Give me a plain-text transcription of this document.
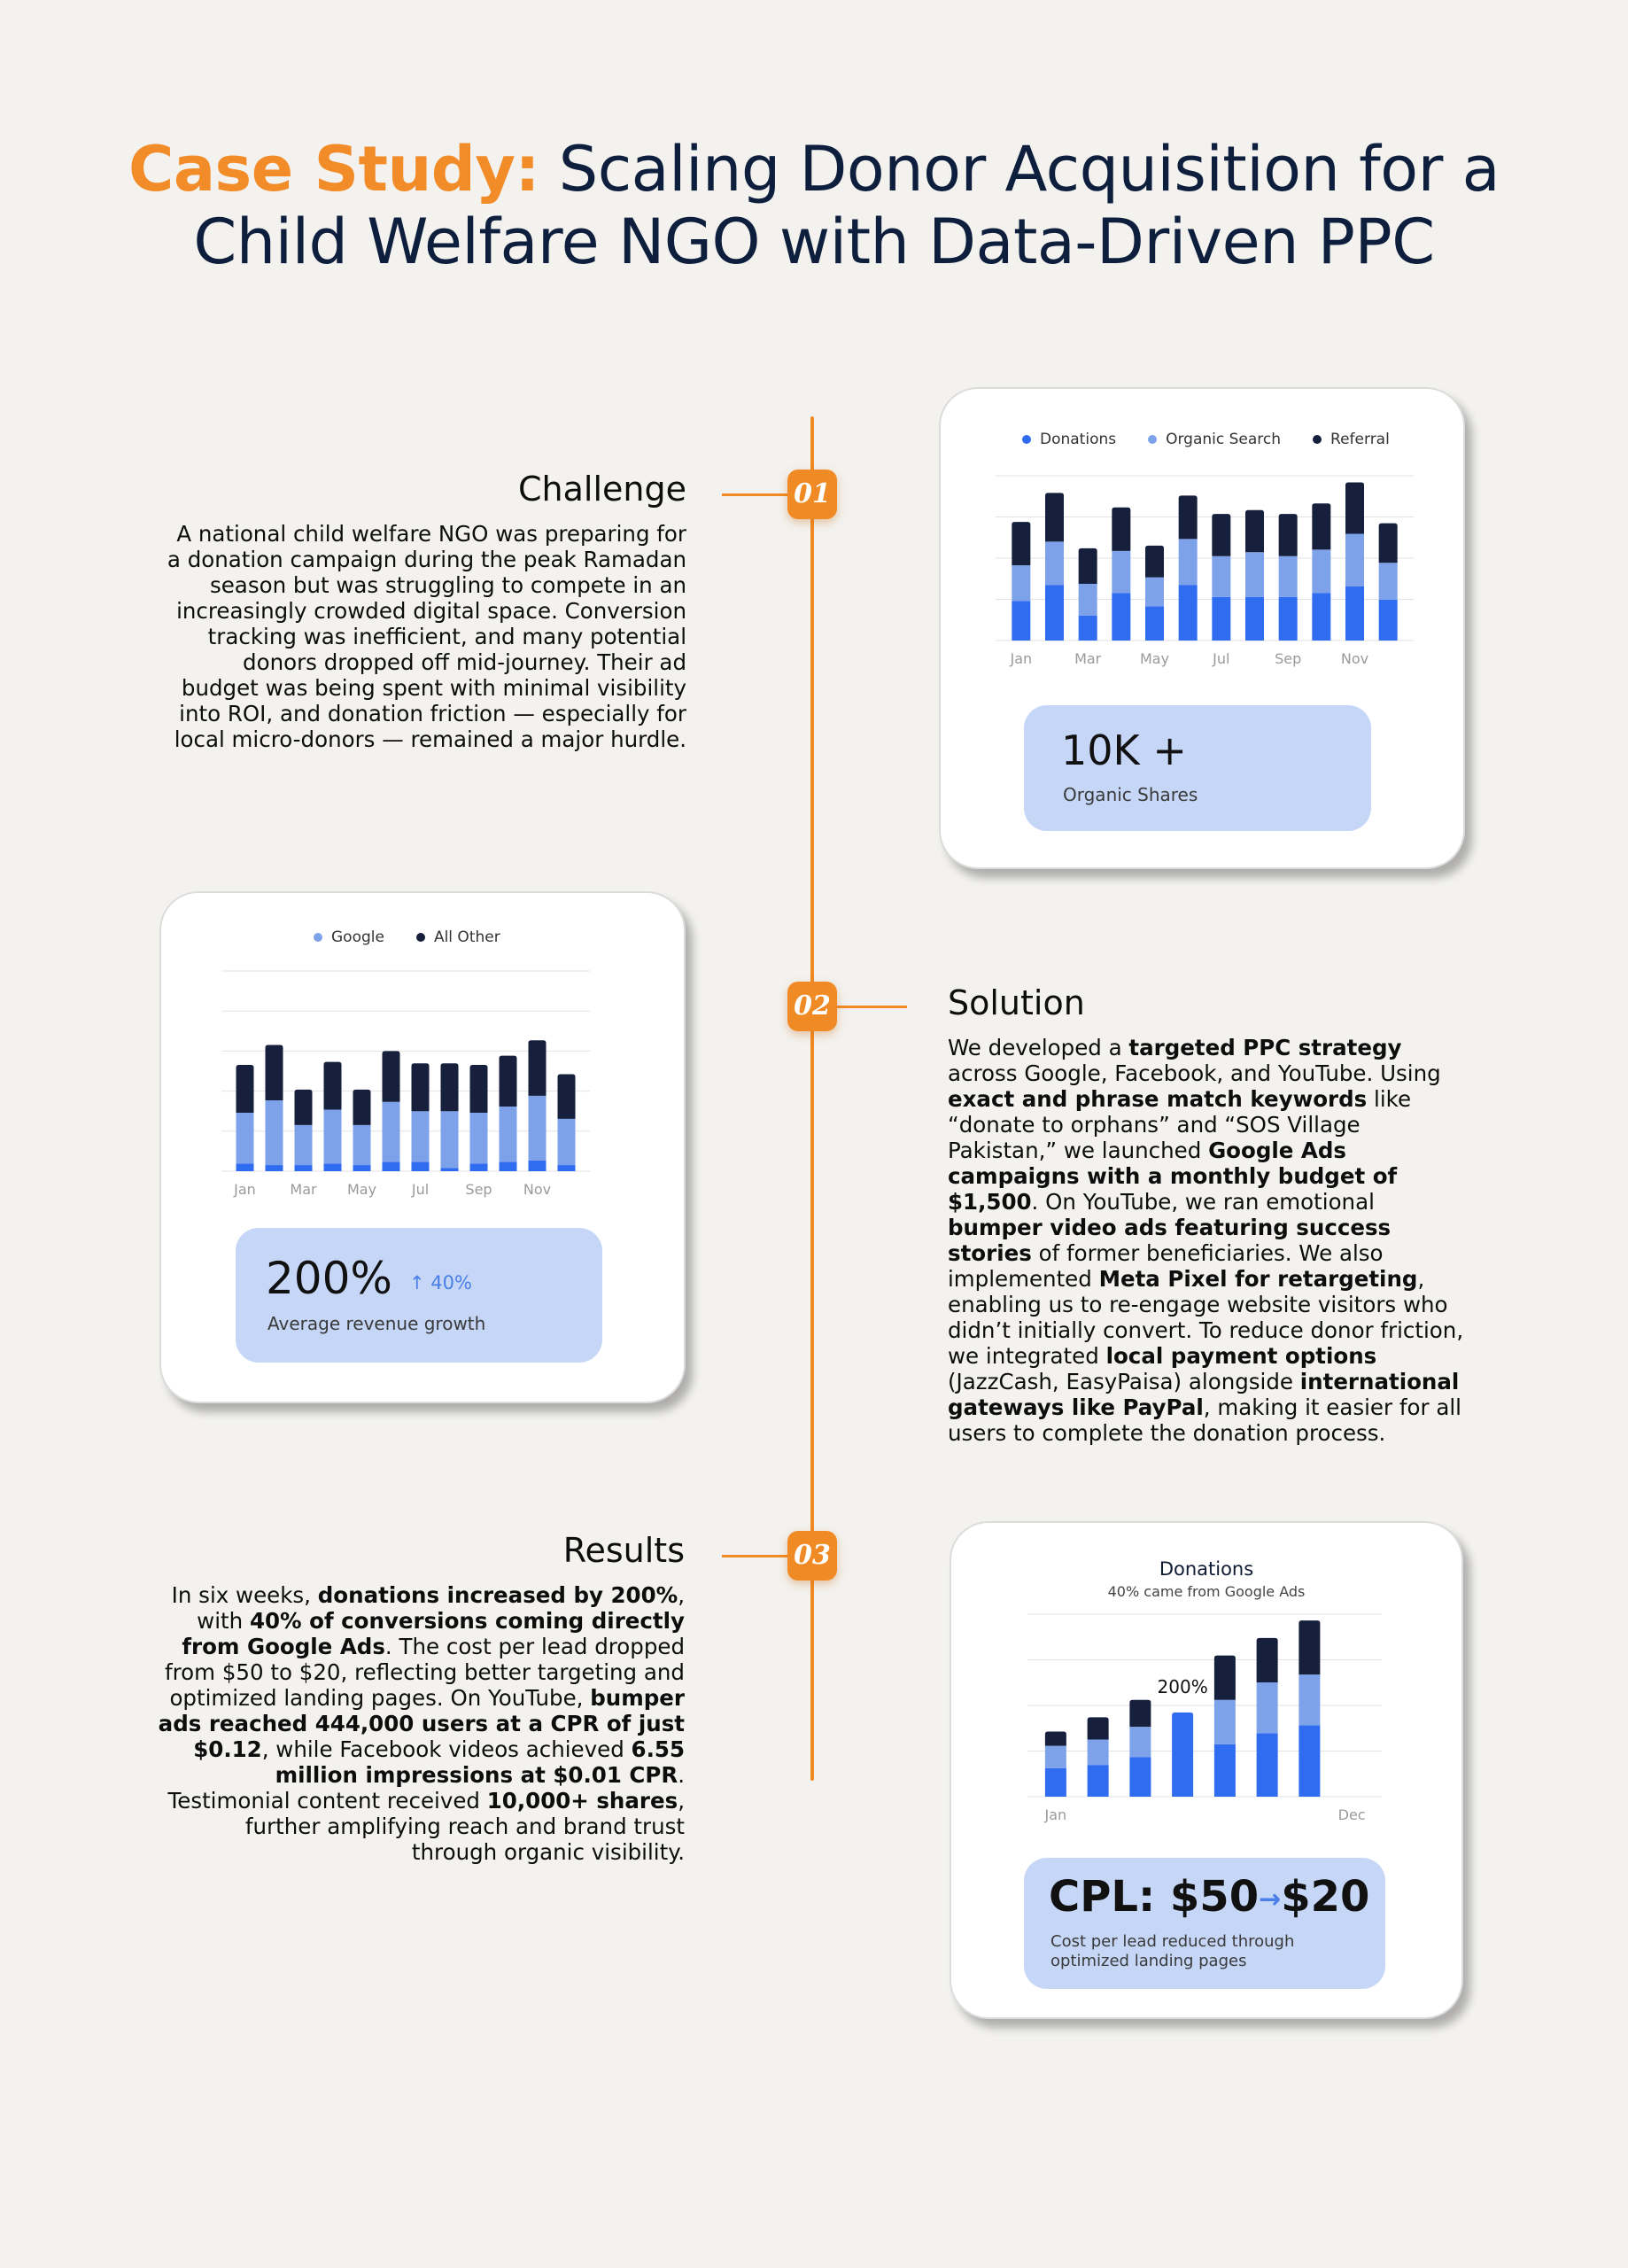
Case Study: Scaling Donor Acquisition for a
Child Welfare NGO with Data-Driven PPC
01
02
03
Challenge
A national child welfare NGO was preparing for a donation campaign during the peak Ramadan season but was struggling to compete in an increasingly crowded digital space. Conversion tracking was inefficient, and many potential donors dropped off mid-journey. Their ad budget was being spent with minimal visibility into ROI, and donation friction — especially for local micro-donors — remained a major hurdle.
Solution
We developed a targeted PPC strategy across Google, Facebook, and YouTube. Using exact and phrase match keywords like “donate to orphans” and “SOS Village Pakistan,” we launched Google Ads campaigns with a monthly budget of $1,500. On YouTube, we ran emotional bumper video ads featuring success stories of former beneficiaries. We also implemented Meta Pixel for retargeting, enabling us to re-engage website visitors who didn’t initially convert. To reduce donor friction, we integrated local payment options (JazzCash, EasyPaisa) alongside international gateways like PayPal, making it easier for all users to complete the donation process.
Results
In six weeks, donations increased by 200%, with 40% of conversions coming directly from Google Ads. The cost per lead dropped from $50 to $20, reflecting better targeting and optimized landing pages. On YouTube, bumper ads reached 444,000 users at a CPR of just $0.12, while Facebook videos achieved 6.55 million impressions at $0.01 CPR. Testimonial content received 10,000+ shares, further amplifying reach and brand trust through organic visibility.
Donations	Organic Search	Referral
Jan	Mar	May	Jul	Sep	Nov
10K +
Organic Shares
Google	All Other
Jan Mar May Jul	Sep Nov
200% ↑ 40%
Average revenue growth
Donations
40% came from Google Ads
Jan
200%
Dec
CPL: $50→$20
Cost per lead reduced through
optimized landing pages
